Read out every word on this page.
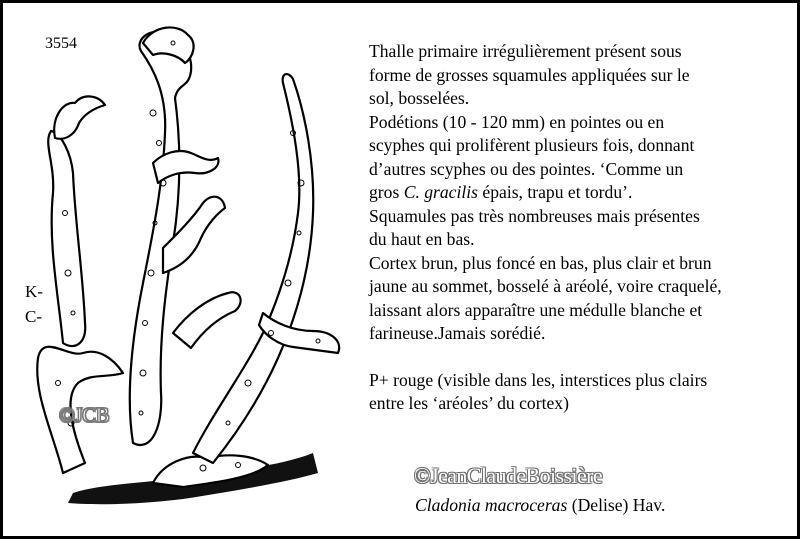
3554
K-
C-
©JCB

Thalle primaire irrégulièrement présent sous

forme de grosses squamules appliquées sur le

sol, bosselées.

Podétions (10 - 120 mm) en pointes ou en

scyphes qui prolifèrent plusieurs fois, donnant

d’autres scyphes ou des pointes. ‘Comme un

gros C. gracilis épais, trapu et tordu’.

Squamules pas très nombreuses mais présentes

du haut en bas.

Cortex brun, plus foncé en bas, plus clair et brun

jaune au sommet, bosselé à aréolé, voire craquelé,

laissant alors apparaître une médulle blanche et

farineuse.Jamais sorédié.

P+ rouge (visible dans les, interstices plus clairs

entre les ‘aréoles’ du cortex)

©JeanClaudeBoissière
Cladonia macroceras (Delise) Hav.
